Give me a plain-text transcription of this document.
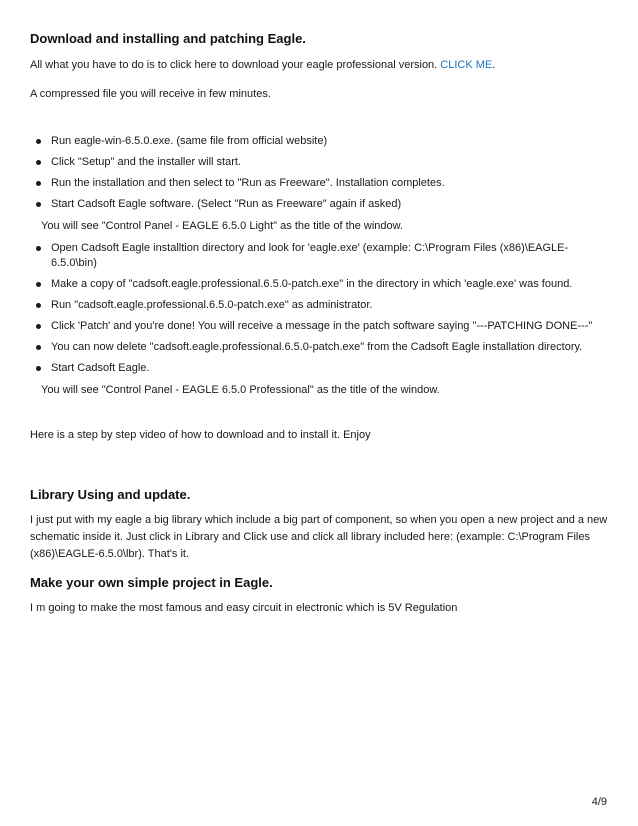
Download and installing and patching Eagle.

All what you have to do is to click here to download your eagle professional version. CLICK ME.

A compressed file you will receive in few minutes.

Run eagle-win-6.5.0.exe. (same file from official website)
Click "Setup" and the installer will start.
Run the installation and then select to "Run as Freeware". Installation completes.
Start Cadsoft Eagle software. (Select "Run as Freeware" again if asked)

You will see "Control Panel - EAGLE 6.5.0 Light" as the title of the window.

Open Cadsoft Eagle installtion directory and look for 'eagle.exe' (example: C:\Program Files (x86)\EAGLE-6.5.0\bin)
Make a copy of "cadsoft.eagle.professional.6.5.0-patch.exe" in the directory in which 'eagle.exe' was found.
Run "cadsoft.eagle.professional.6.5.0-patch.exe" as administrator.
Click 'Patch' and you're done! You will receive a message in the patch software saying "---PATCHING DONE---"
You can now delete "cadsoft.eagle.professional.6.5.0-patch.exe" from the Cadsoft Eagle installation directory.
Start Cadsoft Eagle.

You will see "Control Panel - EAGLE 6.5.0 Professional" as the title of the window.

Here is a step by step video of how to download and to install it. Enjoy

Library Using and update.

I just put with my eagle a big library which include a big part of component, so when you open a new project and a new schematic inside it. Just click in Library and Click use and click all library included here: (example: C:\Program Files (x86)\EAGLE-6.5.0\lbr). That's it.

Make your own simple project in Eagle.

I m going to make the most famous and easy circuit in electronic which is 5V Regulation

4/9
